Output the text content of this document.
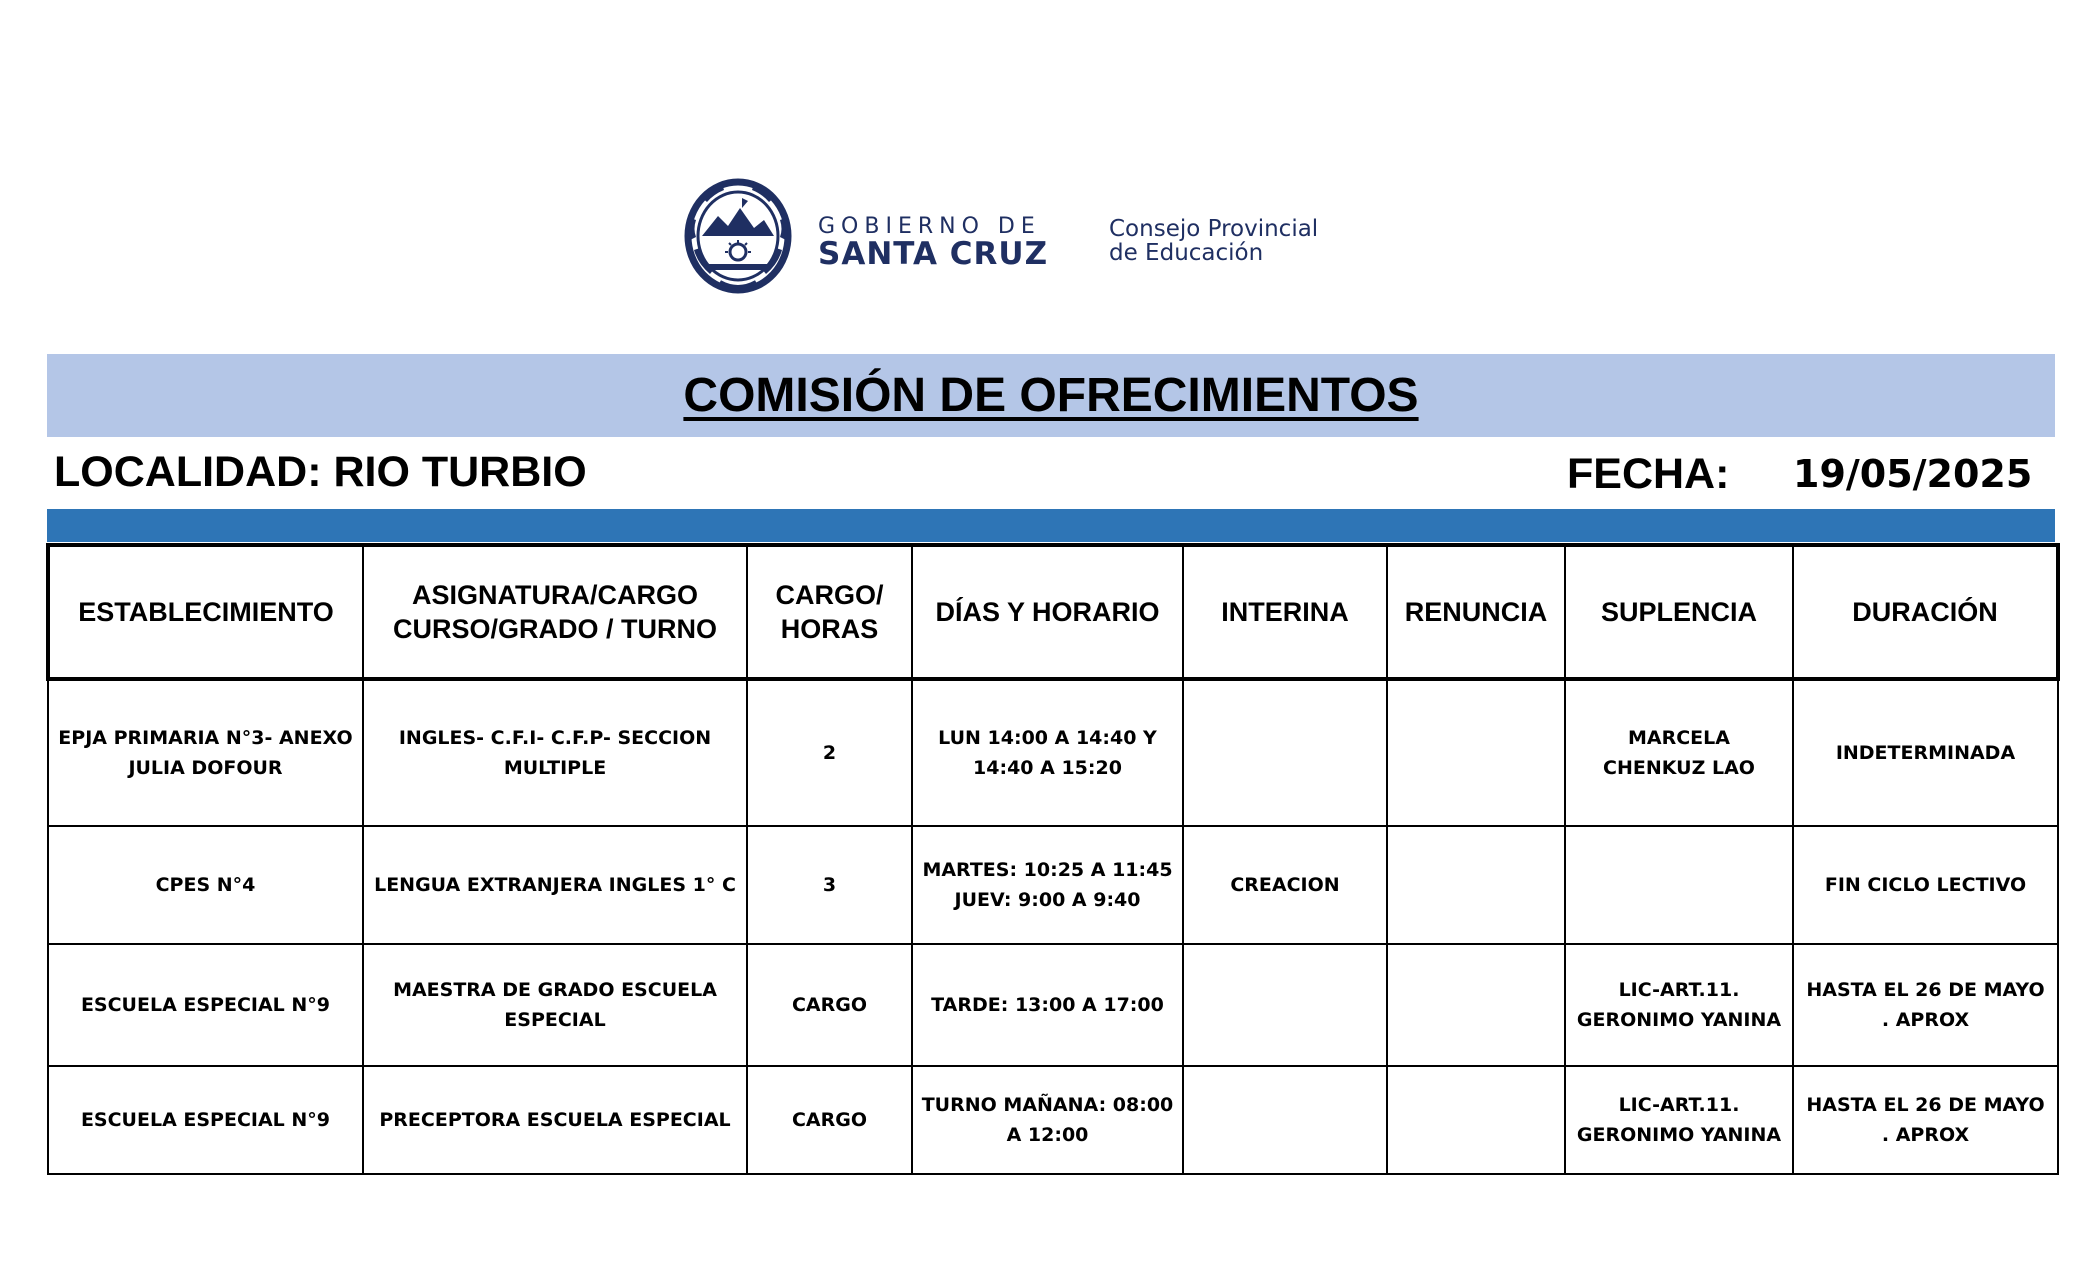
GOBIERNO DE
SANTA CRUZ
Consejo Provincial
de Educación
COMISIÓN DE OFRECIMIENTOS
LOCALIDAD: RIO TURBIO	FECHA: 19/05/2025
ESTABLECIMIENTO	ASIGNATURA/CARGO CURSO/GRADO / TURNO	CARGO/ HORAS	DÍAS Y HORARIO	INTERINA	RENUNCIA	SUPLENCIA	DURACIÓN
EPJA PRIMARIA N°3- ANEXO JULIA DOFOUR	INGLES- C.F.I- C.F.P- SECCION MULTIPLE	2	LUN 14:00 A 14:40 Y 14:40 A 15:20			MARCELA CHENKUZ LAO	INDETERMINADA
CPES N°4	LENGUA EXTRANJERA INGLES 1° C	3	MARTES: 10:25 A 11:45 JUEV: 9:00 A 9:40	CREACION			FIN CICLO LECTIVO
ESCUELA ESPECIAL N°9	MAESTRA DE GRADO ESCUELA ESPECIAL	CARGO	TARDE: 13:00 A 17:00			LIC-ART.11. GERONIMO YANINA	HASTA EL 26 DE MAYO . APROX
ESCUELA ESPECIAL N°9	PRECEPTORA ESCUELA ESPECIAL	CARGO	TURNO MAÑANA: 08:00 A 12:00			LIC-ART.11. GERONIMO YANINA	HASTA EL 26 DE MAYO . APROX
